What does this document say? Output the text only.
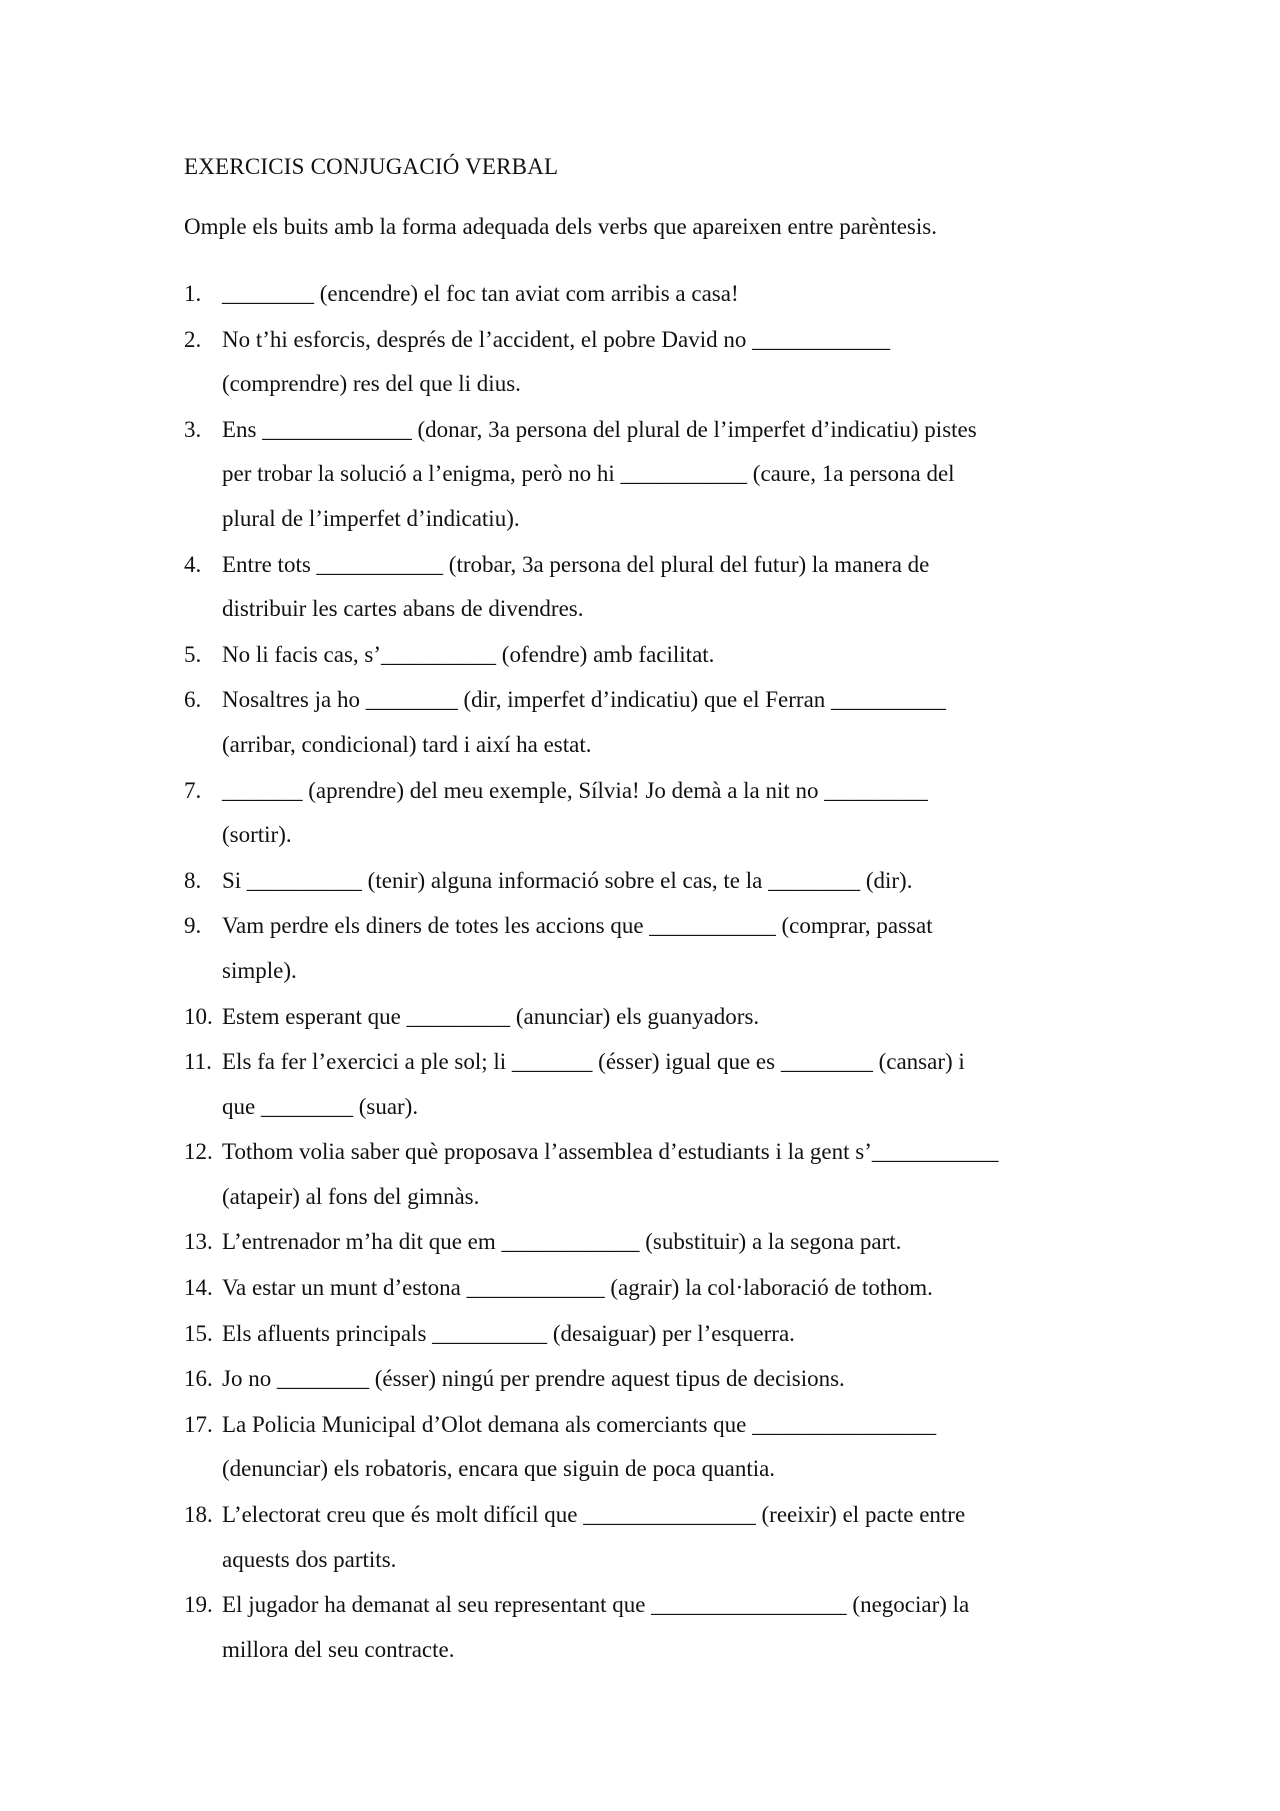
EXERCICIS CONJUGACIÓ VERBAL
Omple els buits amb la forma adequada dels verbs que apareixen entre parèntesis.
1. ________ (encendre) el foc tan aviat com arribis a casa!
2. No t’hi esforcis, després de l’accident, el pobre David no ____________
(comprendre) res del que li dius.
3. Ens _____________ (donar, 3a persona del plural de l’imperfet d’indicatiu) pistes
per trobar la solució a l’enigma, però no hi ___________ (caure, 1a persona del
plural de l’imperfet d’indicatiu).
4. Entre tots ___________ (trobar, 3a persona del plural del futur) la manera de
distribuir les cartes abans de divendres.
5. No li facis cas, s’__________ (ofendre) amb facilitat.
6. Nosaltres ja ho ________ (dir, imperfet d’indicatiu) que el Ferran __________
(arribar, condicional) tard i així ha estat.
7. _______ (aprendre) del meu exemple, Sílvia! Jo demà a la nit no _________
(sortir).
8. Si __________ (tenir) alguna informació sobre el cas, te la ________ (dir).
9. Vam perdre els diners de totes les accions que ___________ (comprar, passat
simple).
10. Estem esperant que _________ (anunciar) els guanyadors.
11. Els fa fer l’exercici a ple sol; li _______ (ésser) igual que es ________ (cansar) i
que ________ (suar).
12. Tothom volia saber què proposava l’assemblea d’estudiants i la gent s’___________
(atapeir) al fons del gimnàs.
13. L’entrenador m’ha dit que em ____________ (substituir) a la segona part.
14. Va estar un munt d’estona ____________ (agrair) la col·laboració de tothom.
15. Els afluents principals __________ (desaiguar) per l’esquerra.
16. Jo no ________ (ésser) ningú per prendre aquest tipus de decisions.
17. La Policia Municipal d’Olot demana als comerciants que ________________
(denunciar) els robatoris, encara que siguin de poca quantia.
18. L’electorat creu que és molt difícil que _______________ (reeixir) el pacte entre
aquests dos partits.
19. El jugador ha demanat al seu representant que _________________ (negociar) la
millora del seu contracte.
